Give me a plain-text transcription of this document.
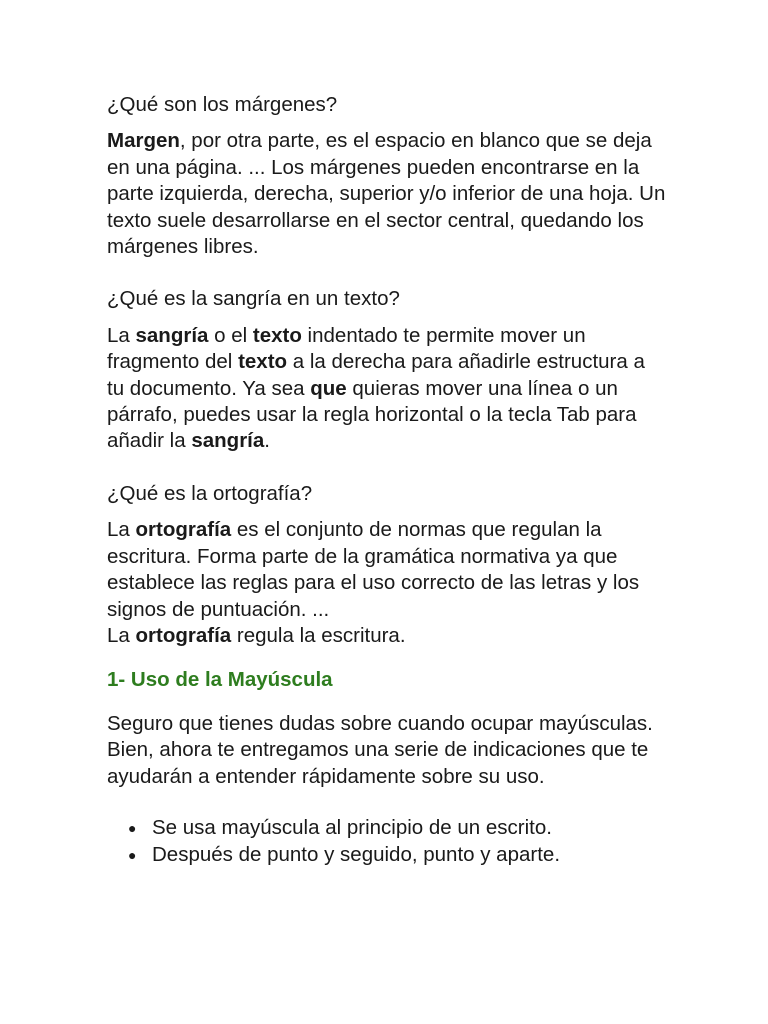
¿Qué son los márgenes?

Margen, por otra parte, es el espacio en blanco que se deja en una página. ... Los márgenes pueden encontrarse en la parte izquierda, derecha, superior y/o inferior de una hoja. Un texto suele desarrollarse en el sector central, quedando los márgenes libres.

¿Qué es la sangría en un texto?

La sangría o el texto indentado te permite mover un fragmento del texto a la derecha para añadirle estructura a tu documento. Ya sea que quieras mover una línea o un párrafo, puedes usar la regla horizontal o la tecla Tab para añadir la sangría.

¿Qué es la ortografía?

La ortografía es el conjunto de normas que regulan la escritura. Forma parte de la gramática normativa ya que establece las reglas para el uso correcto de las letras y los signos de puntuación. ...

La ortografía regula la escritura.

1- Uso de la Mayúscula

Seguro que tienes dudas sobre cuando ocupar mayúsculas. Bien, ahora te entregamos una serie de indicaciones que te ayudarán a entender rápidamente sobre su uso.

● Se usa mayúscula al principio de un escrito.
● Después de punto y seguido, punto y aparte.
